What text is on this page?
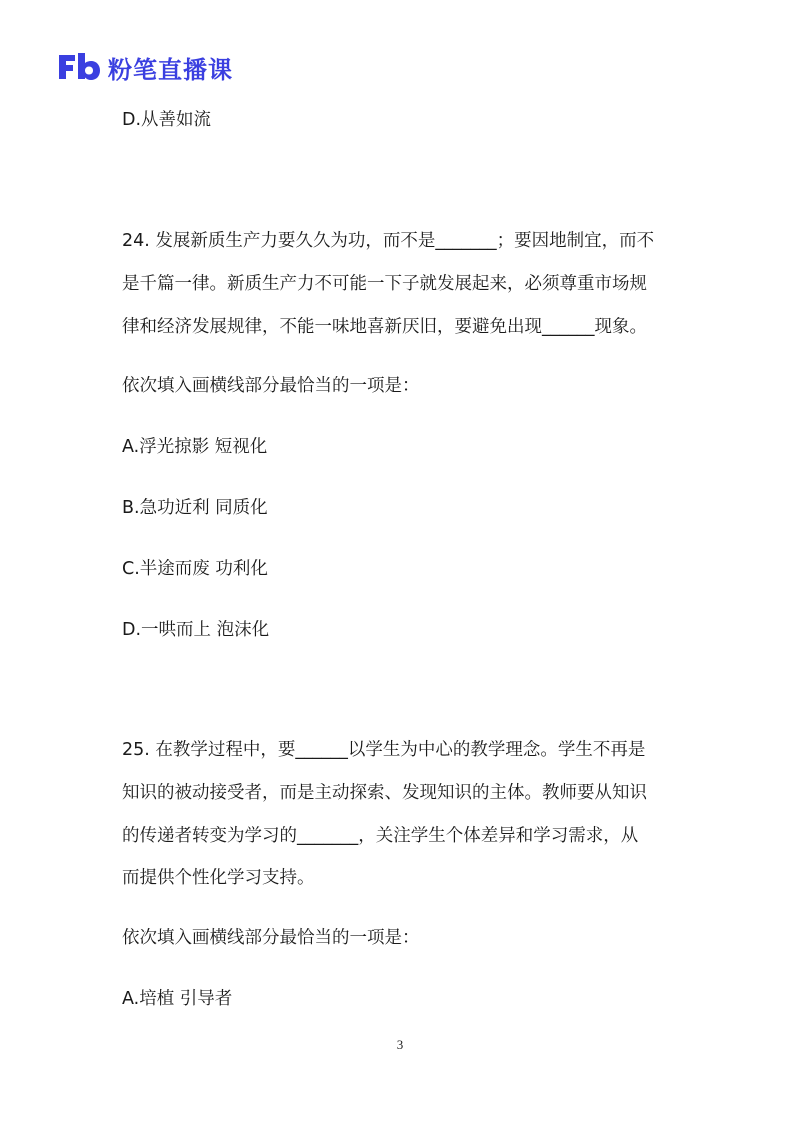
粉笔直播课
D.从善如流
24. 发展新质生产力要久久为功，而不是_______；要因地制宜，而不
是千篇一律。新质生产力不可能一下子就发展起来，必须尊重市场规
律和经济发展规律，不能一味地喜新厌旧，要避免出现______现象。
依次填入画横线部分最恰当的一项是：
A.浮光掠影 短视化
B.急功近利 同质化
C.半途而废 功利化
D.一哄而上 泡沫化
25. 在教学过程中，要______以学生为中心的教学理念。学生不再是
知识的被动接受者，而是主动探索、发现知识的主体。教师要从知识
的传递者转变为学习的_______，关注学生个体差异和学习需求，从
而提供个性化学习支持。
依次填入画横线部分最恰当的一项是：
A.培植 引导者
3
